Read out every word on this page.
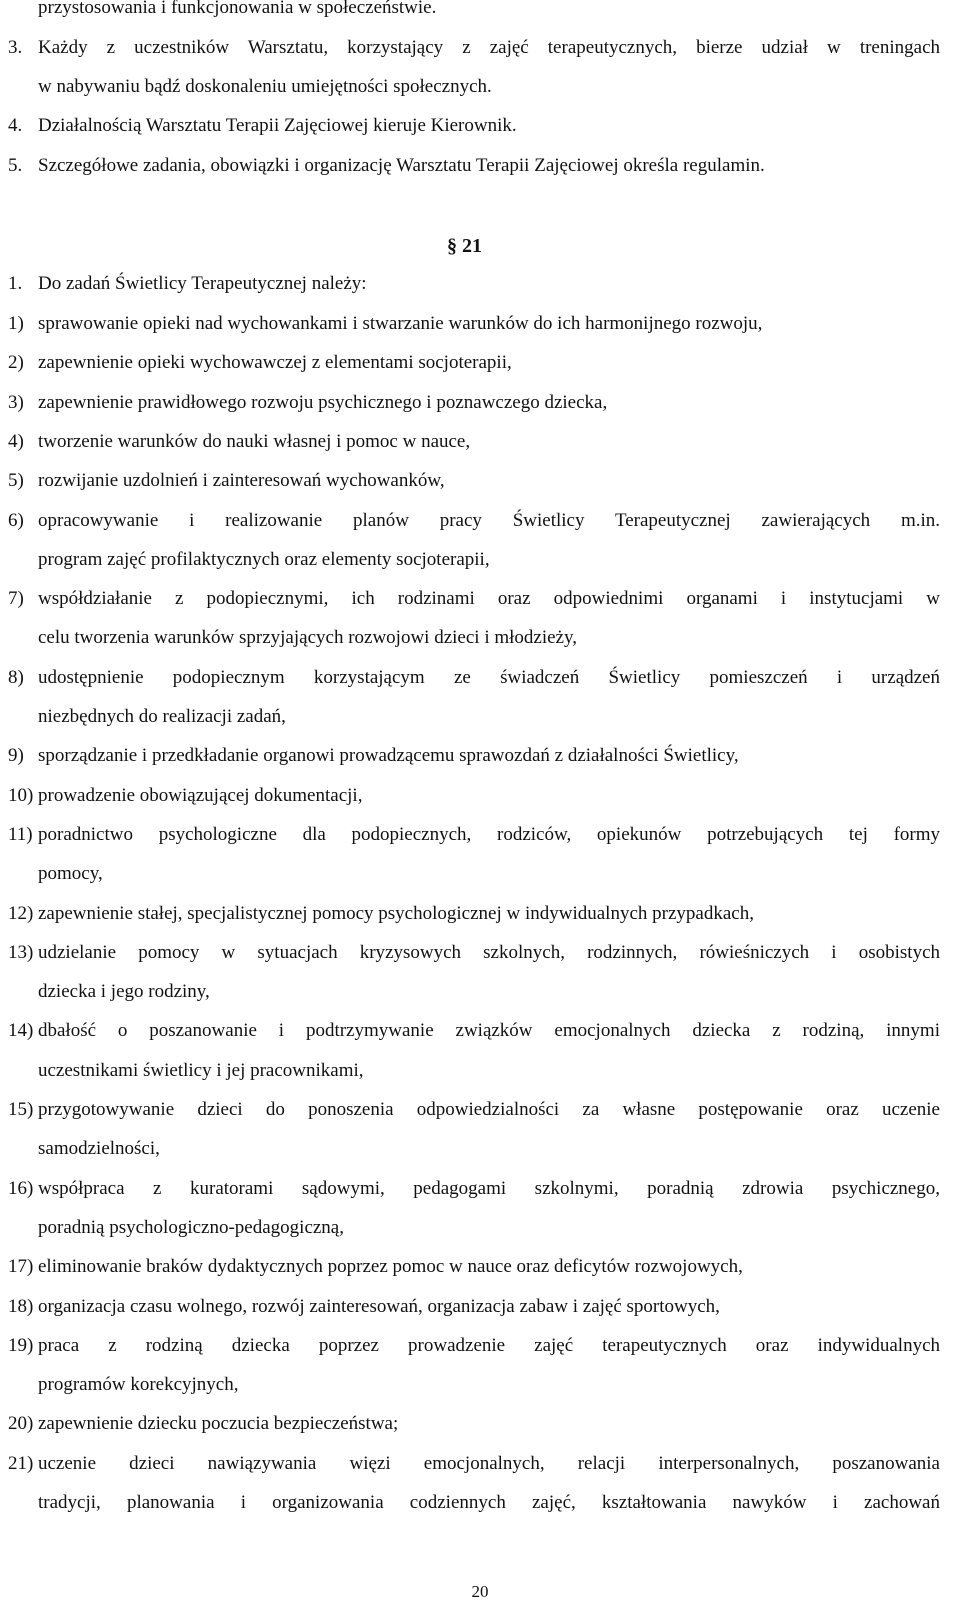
przystosowania i funkcjonowania w społeczeństwie.
3. Każdy z uczestników Warsztatu, korzystający z zajęć terapeutycznych, bierze udział w treningach
w nabywaniu bądź doskonaleniu umiejętności społecznych.
4. Działalnością Warsztatu Terapii Zajęciowej kieruje Kierownik.
5. Szczegółowe zadania, obowiązki i organizację Warsztatu Terapii Zajęciowej określa regulamin.
§ 21
1. Do zadań Świetlicy Terapeutycznej należy:
1) sprawowanie opieki nad wychowankami i stwarzanie warunków do ich harmonijnego rozwoju,
2) zapewnienie opieki wychowawczej z elementami socjoterapii,
3) zapewnienie prawidłowego rozwoju psychicznego i poznawczego dziecka,
4) tworzenie warunków do nauki własnej i pomoc w nauce,
5) rozwijanie uzdolnień i zainteresowań wychowanków,
6) opracowywanie i realizowanie planów pracy Świetlicy Terapeutycznej zawierających m.in.
program zajęć profilaktycznych oraz elementy socjoterapii,
7) współdziałanie z podopiecznymi, ich rodzinami oraz odpowiednimi organami i instytucjami w
celu tworzenia warunków sprzyjających rozwojowi dzieci i młodzieży,
8) udostępnienie podopiecznym korzystającym ze świadczeń Świetlicy pomieszczeń i urządzeń
niezbędnych do realizacji zadań,
9) sporządzanie i przedkładanie organowi prowadzącemu sprawozdań z działalności Świetlicy,
10) prowadzenie obowiązującej dokumentacji,
11) poradnictwo psychologiczne dla podopiecznych, rodziców, opiekunów potrzebujących tej formy
pomocy,
12) zapewnienie stałej, specjalistycznej pomocy psychologicznej w indywidualnych przypadkach,
13) udzielanie pomocy w sytuacjach kryzysowych szkolnych, rodzinnych, rówieśniczych i osobistych
dziecka i jego rodziny,
14) dbałość o poszanowanie i podtrzymywanie związków emocjonalnych dziecka z rodziną, innymi
uczestnikami świetlicy i jej pracownikami,
15) przygotowywanie dzieci do ponoszenia odpowiedzialności za własne postępowanie oraz uczenie
samodzielności,
16) współpraca z kuratorami sądowymi, pedagogami szkolnymi, poradnią zdrowia psychicznego,
poradnią psychologiczno-pedagogiczną,
17) eliminowanie braków dydaktycznych poprzez pomoc w nauce oraz deficytów rozwojowych,
18) organizacja czasu wolnego, rozwój zainteresowań, organizacja zabaw i zajęć sportowych,
19) praca z rodziną dziecka poprzez prowadzenie zajęć terapeutycznych oraz indywidualnych
programów korekcyjnych,
20) zapewnienie dziecku poczucia bezpieczeństwa;
21) uczenie dzieci nawiązywania więzi emocjonalnych, relacji interpersonalnych, poszanowania
tradycji, planowania i organizowania codziennych zajęć, kształtowania nawyków i zachowań
20
